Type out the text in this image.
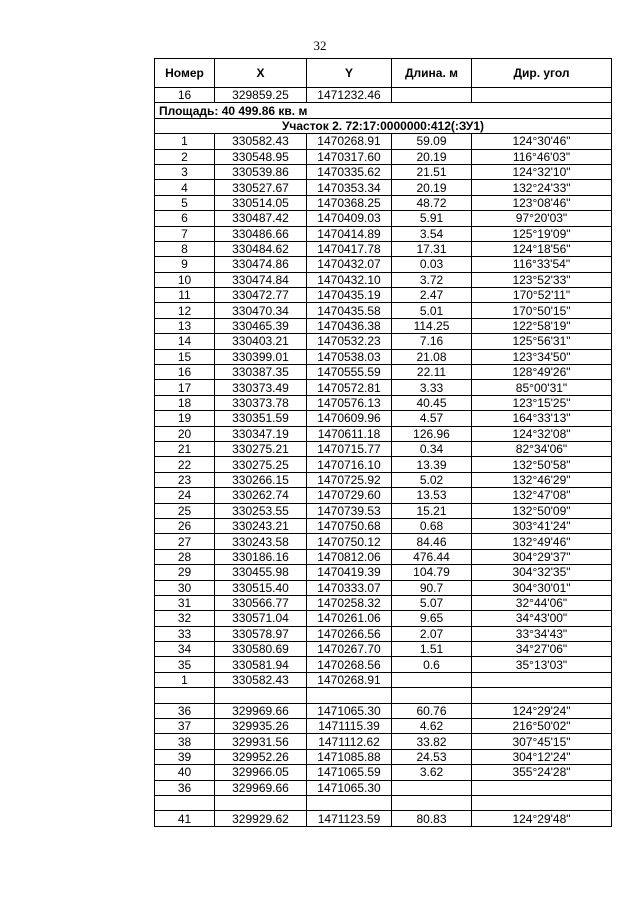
32
Номер	X	Y	Длина. м	Дир. угол
16	329859.25	1471232.46		
Площадь: 40 499.86 кв. м				
Участок 2. 72:17:0000000:412(:ЗУ1)				
1	330582.43	1470268.91	59.09	124°30'46"
2	330548.95	1470317.60	20.19	116°46'03"
3	330539.86	1470335.62	21.51	124°32'10"
4	330527.67	1470353.34	20.19	132°24'33"
5	330514.05	1470368.25	48.72	123°08'46"
6	330487.42	1470409.03	5.91	97°20'03"
7	330486.66	1470414.89	3.54	125°19'09"
8	330484.62	1470417.78	17.31	124°18'56"
9	330474.86	1470432.07	0.03	116°33'54"
10	330474.84	1470432.10	3.72	123°52'33"
11	330472.77	1470435.19	2.47	170°52'11"
12	330470.34	1470435.58	5.01	170°50'15"
13	330465.39	1470436.38	114.25	122°58'19"
14	330403.21	1470532.23	7.16	125°56'31"
15	330399.01	1470538.03	21.08	123°34'50"
16	330387.35	1470555.59	22.11	128°49'26"
17	330373.49	1470572.81	3.33	85°00'31"
18	330373.78	1470576.13	40.45	123°15'25"
19	330351.59	1470609.96	4.57	164°33'13"
20	330347.19	1470611.18	126.96	124°32'08"
21	330275.21	1470715.77	0.34	82°34'06"
22	330275.25	1470716.10	13.39	132°50'58"
23	330266.15	1470725.92	5.02	132°46'29"
24	330262.74	1470729.60	13.53	132°47'08"
25	330253.55	1470739.53	15.21	132°50'09"
26	330243.21	1470750.68	0.68	303°41'24"
27	330243.58	1470750.12	84.46	132°49'46"
28	330186.16	1470812.06	476.44	304°29'37"
29	330455.98	1470419.39	104.79	304°32'35"
30	330515.40	1470333.07	90.7	304°30'01"
31	330566.77	1470258.32	5.07	32°44'06"
32	330571.04	1470261.06	9.65	34°43'00"
33	330578.97	1470266.56	2.07	33°34'43"
34	330580.69	1470267.70	1.51	34°27'06"
35	330581.94	1470268.56	0.6	35°13'03"
1	330582.43	1470268.91		

36	329969.66	1471065.30	60.76	124°29'24"
37	329935.26	1471115.39	4.62	216°50'02"
38	329931.56	1471112.62	33.82	307°45'15"
39	329952.26	1471085.88	24.53	304°12'24"
40	329966.05	1471065.59	3.62	355°24'28"
36	329969.66	1471065.30		

41	329929.62	1471123.59	80.83	124°29'48"
